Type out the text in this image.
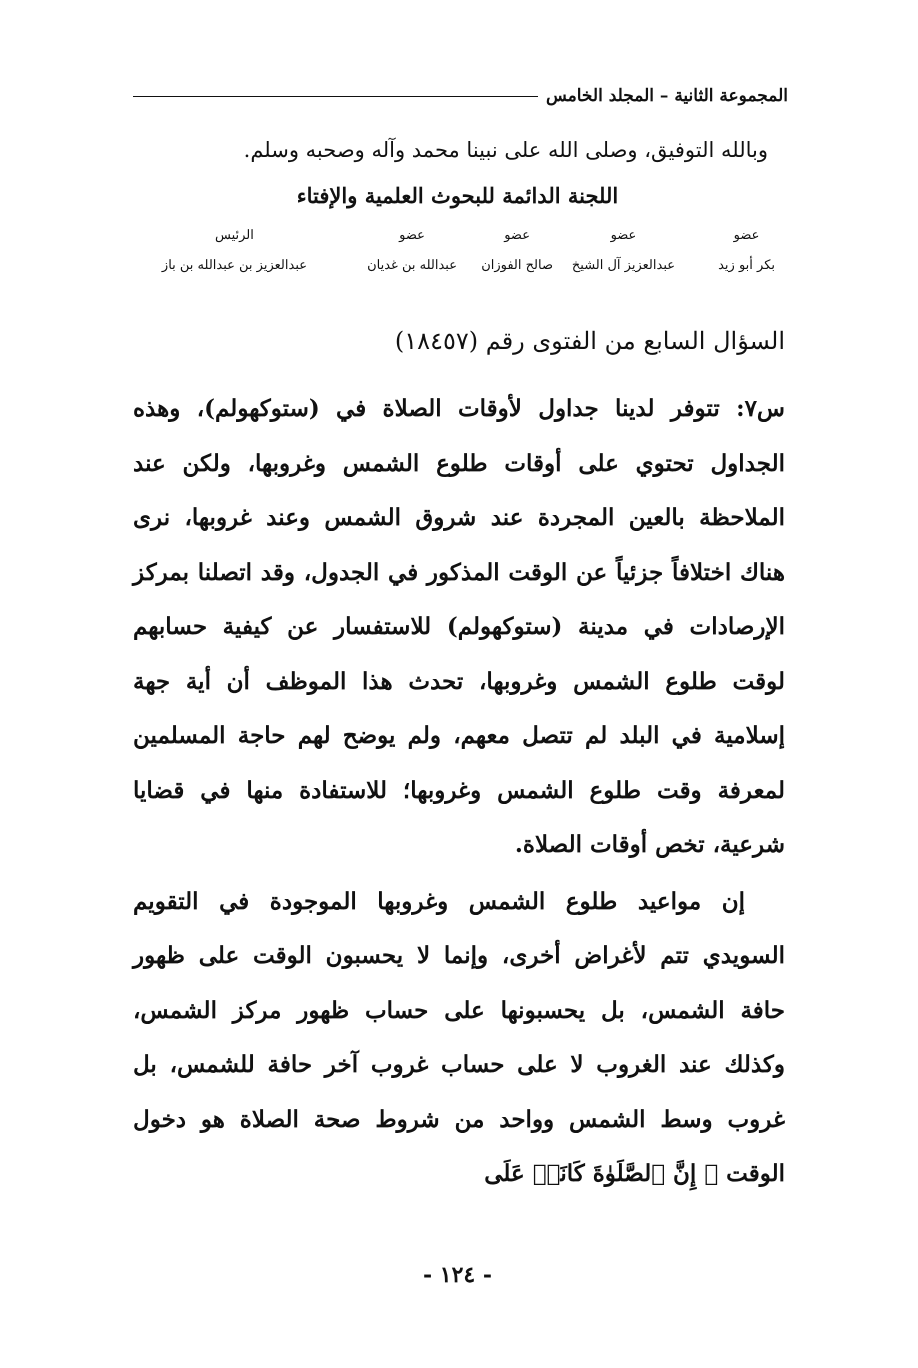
المجموعة الثانية – المجلد الخامس
وبالله التوفيق، وصلى الله على نبينا محمد وآله وصحبه وسلم.
اللجنة الدائمة للبحوث العلمية والإفتاء
عضو
بكر أبو زيد
عضو
عبدالعزيز آل الشيخ
عضو
صالح الفوزان
عضو
عبدالله بن غديان
الرئيس
عبدالعزيز بن عبدالله بن باز
السؤال السابع من الفتوى رقم (١٨٤٥٧)

س٧: تتوفر لدينا جداول لأوقات الصلاة في (ستوكهولم)، وهذه الجداول تحتوي على أوقات طلوع الشمس وغروبها، ولكن عند الملاحظة بالعين المجردة عند شروق الشمس وعند غروبها، نرى هناك اختلافاً جزئياً عن الوقت المذكور في الجدول، وقد اتصلنا بمركز الإرصادات في مدينة (ستوكهولم) للاستفسار عن كيفية حسابهم لوقت طلوع الشمس وغروبها، تحدث هذا الموظف أن أية جهة إسلامية في البلد لم تتصل معهم، ولم يوضح لهم حاجة المسلمين لمعرفة وقت طلوع الشمس وغروبها؛ للاستفادة منها في قضايا شرعية، تخص أوقات الصلاة.

إن مواعيد طلوع الشمس وغروبها الموجودة في التقويم السويدي تتم لأغراض أخرى، وإنما لا يحسبون الوقت على ظهور حافة الشمس، بل يحسبونها على حساب ظهور مركز الشمس، وكذلك عند الغروب لا على حساب غروب آخر حافة للشمس، بل غروب وسط الشمس وواحد من شروط صحة الصلاة هو دخول الوقت ﴿ إِنَّ ٱلصَّلَوٰةَ كَانَتۡ عَلَى

- ١٢٤ -
